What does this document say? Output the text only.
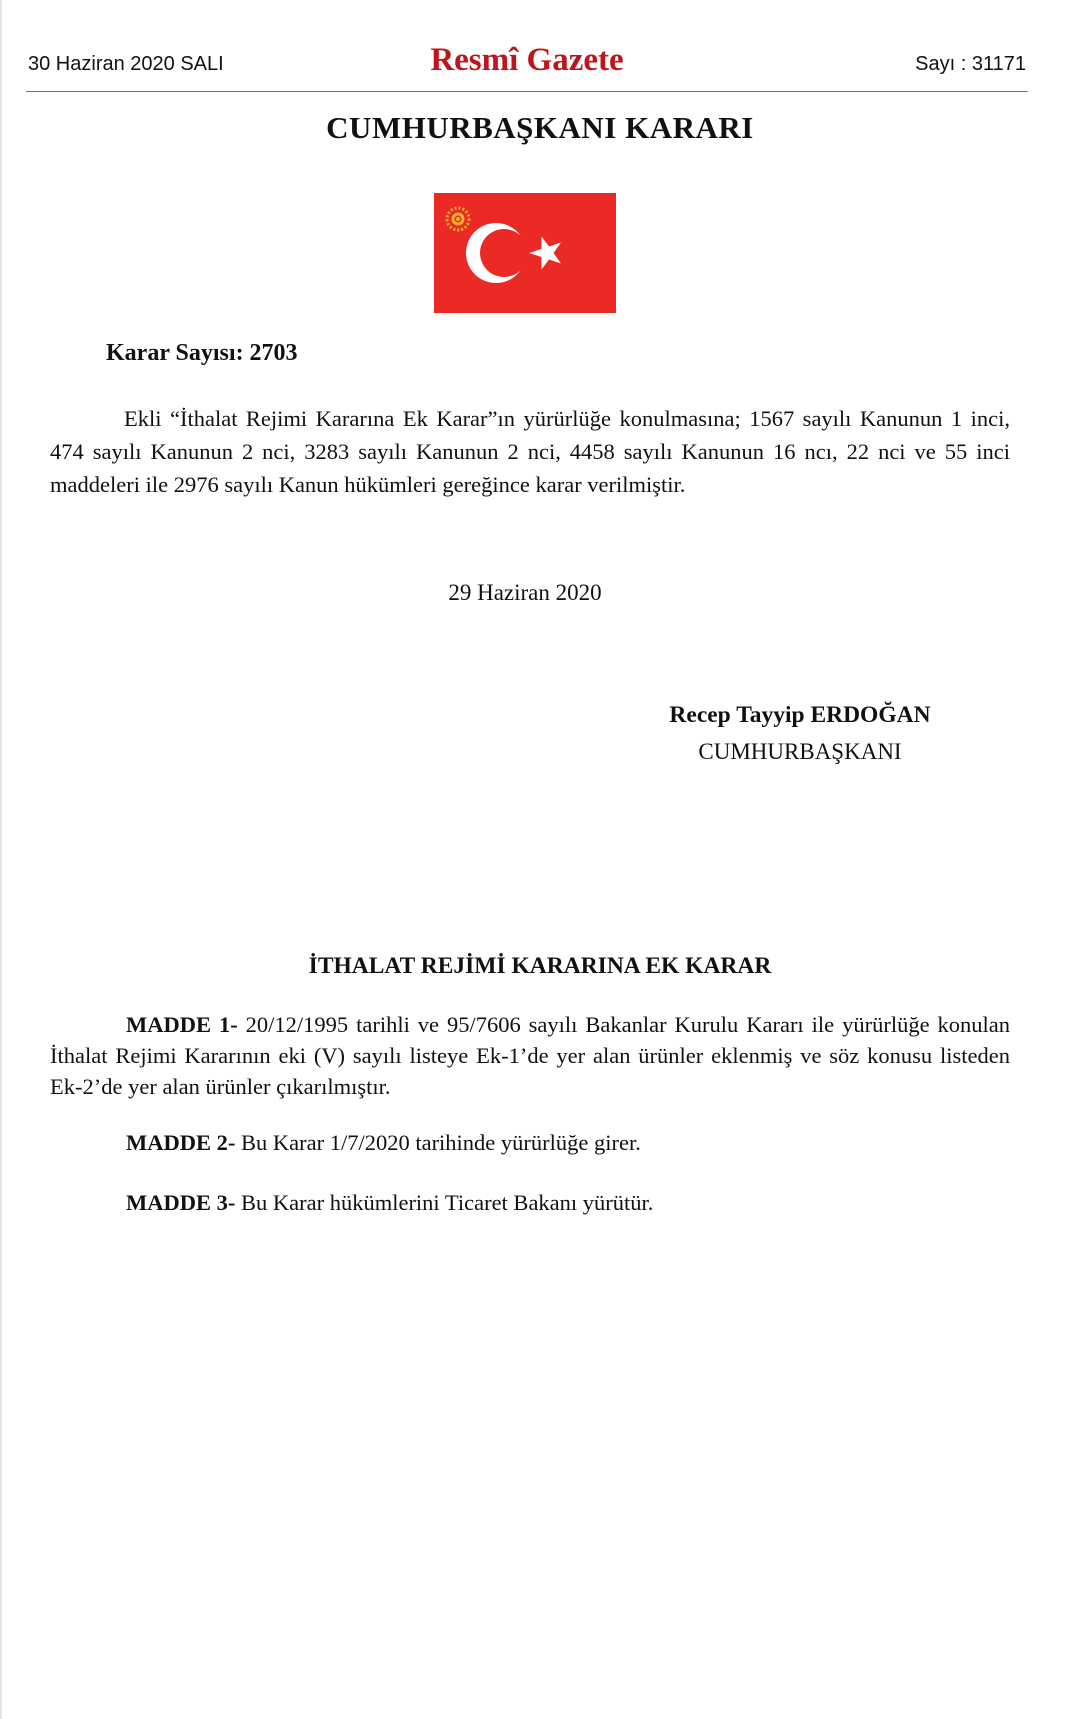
30 Haziran 2020 SALI	Resmî Gazete	Sayı : 31171
CUMHURBAŞKANI KARARI
Karar Sayısı: 2703

Ekli “İthalat Rejimi Kararına Ek Karar”ın yürürlüğe konulmasına; 1567 sayılı Kanunun 1 inci, 474 sayılı Kanunun 2 nci, 3283 sayılı Kanunun 2 nci, 4458 sayılı Kanunun 16 ncı, 22 nci ve 55 inci maddeleri ile 2976 sayılı Kanun hükümleri gereğince karar verilmiştir.

29 Haziran 2020
Recep Tayyip ERDOĞAN
CUMHURBAŞKANI
İTHALAT REJİMİ KARARINA EK KARAR

MADDE 1- 20/12/1995 tarihli ve 95/7606 sayılı Bakanlar Kurulu Kararı ile yürürlüğe konulan İthalat Rejimi Kararının eki (V) sayılı listeye Ek-1’de yer alan ürünler eklenmiş ve söz konusu listeden Ek-2’de yer alan ürünler çıkarılmıştır.

MADDE 2- Bu Karar 1/7/2020 tarihinde yürürlüğe girer.

MADDE 3- Bu Karar hükümlerini Ticaret Bakanı yürütür.
